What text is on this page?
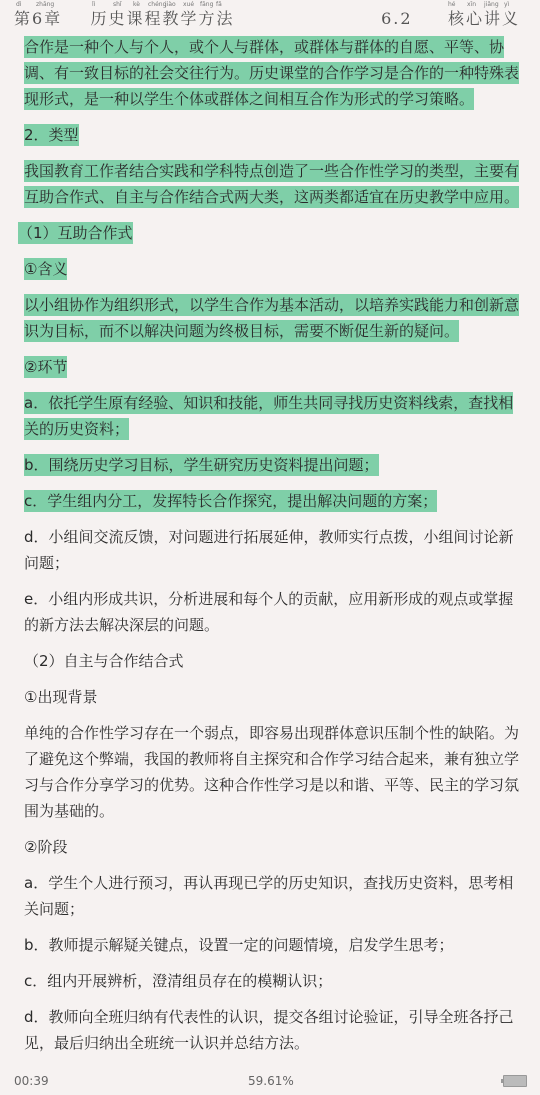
第6章 历史课程教学方法
dì zhāng	lì	shǐ kè chéng
jiào xué fāng fǎ	hé xīn jiǎng yì
6.2 核心讲义
合作是一种个人与个人，或个人与群体，或群体与群体的自愿、平等、协调、有一致目标的社会交往行为。历史课堂的合作学习是合作的一种特殊表现形式，是一种以学生个体或群体之间相互合作为形式的学习策略。
2．类型
我国教育工作者结合实践和学科特点创造了一些合作性学习的类型，主要有互助合作式、自主与合作结合式两大类，这两类都适宜在历史教学中应用。
（1）互助合作式
①含义
以小组协作为组织形式，以学生合作为基本活动，以培养实践能力和创新意识为目标，而不以解决问题为终极目标，需要不断促生新的疑问。
②环节
a．依托学生原有经验、知识和技能，师生共同寻找历史资料线索，查找相关的历史资料；
b．围绕历史学习目标，学生研究历史资料提出问题；
c．学生组内分工，发挥特长合作探究，提出解决问题的方案；
d．小组间交流反馈，对问题进行拓展延伸，教师实行点拨，小组间讨论新问题；
e．小组内形成共识，分析进展和每个人的贡献，应用新形成的观点或掌握的新方法去解决深层的问题。
（2）自主与合作结合式
①出现背景
单纯的合作性学习存在一个弱点，即容易出现群体意识压制个性的缺陷。为了避免这个弊端，我国的教师将自主探究和合作学习结合起来，兼有独立学习与合作分享学习的优势。这种合作性学习是以和谐、平等、民主的学习氛围为基础的。
②阶段
a．学生个人进行预习，再认再现已学的历史知识，查找历史资料，思考相关问题；
b．教师提示解疑关键点，设置一定的问题情境，启发学生思考；
c．组内开展辨析，澄清组员存在的模糊认识；
d．教师向全班归纳有代表性的认识，提交各组讨论验证，引导全班各抒己见，最后归纳出全班统一认识并总结方法。
00:39	59.61%
